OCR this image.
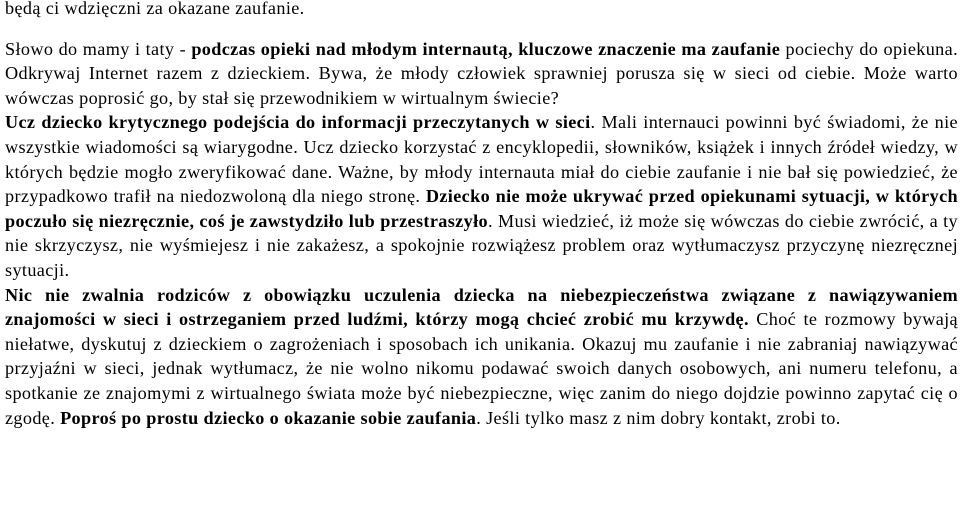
będą ci wdzięczni za okazane zaufanie.

Słowo do mamy i taty - podczas opieki nad młodym internautą, kluczowe znaczenie ma zaufanie pociechy do opiekuna. Odkrywaj Internet razem z dzieckiem. Bywa, że młody człowiek sprawniej porusza się w sieci od ciebie. Może warto wówczas poprosić go, by stał się przewodnikiem w wirtualnym świecie?

Ucz dziecko krytycznego podejścia do informacji przeczytanych w sieci. Mali internauci powinni być świadomi, że nie wszystkie wiadomości są wiarygodne. Ucz dziecko korzystać z encyklopedii, słowników, książek i innych źródeł wiedzy, w których będzie mogło zweryfikować dane. Ważne, by młody internauta miał do ciebie zaufanie i nie bał się powiedzieć, że przypadkowo trafił na niedozwoloną dla niego stronę. Dziecko nie może ukrywać przed opiekunami sytuacji, w których poczuło się niezręcznie, coś je zawstydziło lub przestraszyło. Musi wiedzieć, iż może się wówczas do ciebie zwrócić, a ty nie skrzyczysz, nie wyśmiejesz i nie zakażesz, a spokojnie rozwiążesz problem oraz wytłumaczysz przyczynę niezręcznej sytuacji.

Nic nie zwalnia rodziców z obowiązku uczulenia dziecka na niebezpieczeństwa związane z nawiązywaniem znajomości w sieci i ostrzeganiem przed ludźmi, którzy mogą chcieć zrobić mu krzywdę. Choć te rozmowy bywają niełatwe, dyskutuj z dzieckiem o zagrożeniach i sposobach ich unikania. Okazuj mu zaufanie i nie zabraniaj nawiązywać przyjaźni w sieci, jednak wytłumacz, że nie wolno nikomu podawać swoich danych osobowych, ani numeru telefonu, a spotkanie ze znajomymi z wirtualnego świata może być niebezpieczne, więc zanim do niego dojdzie powinno zapytać cię o zgodę. Poproś po prostu dziecko o okazanie sobie zaufania. Jeśli tylko masz z nim dobry kontakt, zrobi to.
